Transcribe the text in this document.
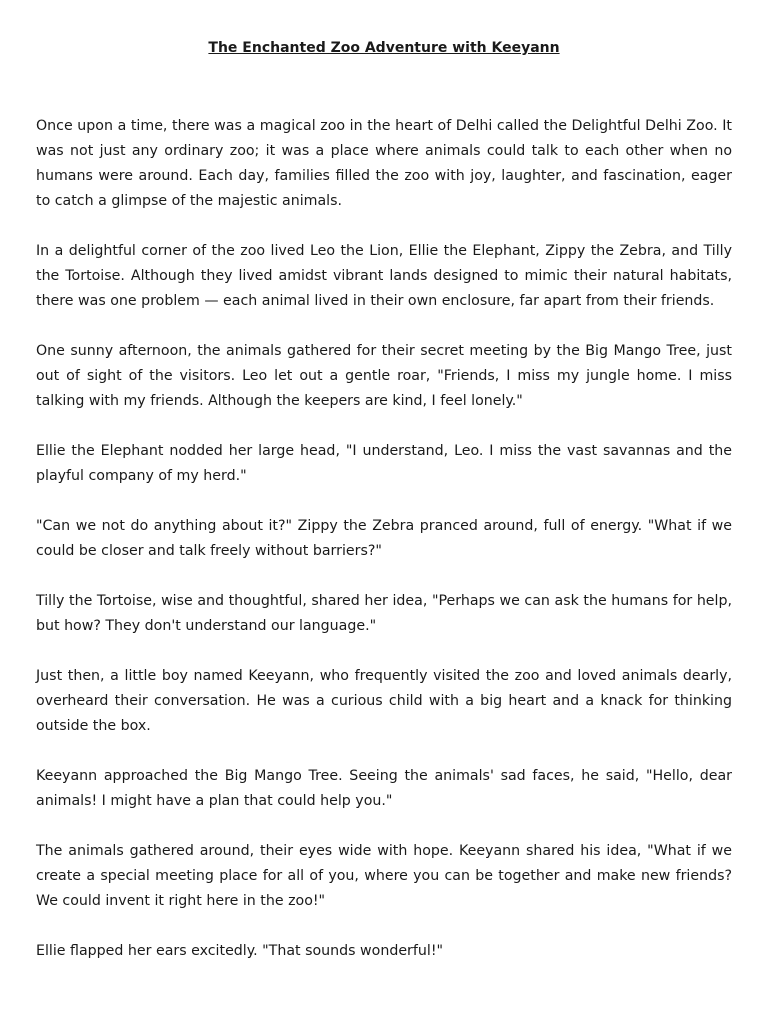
The Enchanted Zoo Adventure with Keeyann

Once upon a time, there was a magical zoo in the heart of Delhi called the Delightful Delhi Zoo. It was not just any ordinary zoo; it was a place where animals could talk to each other when no humans were around. Each day, families filled the zoo with joy, laughter, and fascination, eager to catch a glimpse of the majestic animals.

In a delightful corner of the zoo lived Leo the Lion, Ellie the Elephant, Zippy the Zebra, and Tilly the Tortoise. Although they lived amidst vibrant lands designed to mimic their natural habitats, there was one problem — each animal lived in their own enclosure, far apart from their friends.

One sunny afternoon, the animals gathered for their secret meeting by the Big Mango Tree, just out of sight of the visitors. Leo let out a gentle roar, "Friends, I miss my jungle home. I miss talking with my friends. Although the keepers are kind, I feel lonely."

Ellie the Elephant nodded her large head, "I understand, Leo. I miss the vast savannas and the playful company of my herd."

"Can we not do anything about it?" Zippy the Zebra pranced around, full of energy. "What if we could be closer and talk freely without barriers?"

Tilly the Tortoise, wise and thoughtful, shared her idea, "Perhaps we can ask the humans for help, but how? They don't understand our language."

Just then, a little boy named Keeyann, who frequently visited the zoo and loved animals dearly, overheard their conversation. He was a curious child with a big heart and a knack for thinking outside the box.

Keeyann approached the Big Mango Tree. Seeing the animals' sad faces, he said, "Hello, dear animals! I might have a plan that could help you."

The animals gathered around, their eyes wide with hope. Keeyann shared his idea, "What if we create a special meeting place for all of you, where you can be together and make new friends? We could invent it right here in the zoo!"

Ellie flapped her ears excitedly. "That sounds wonderful!"
